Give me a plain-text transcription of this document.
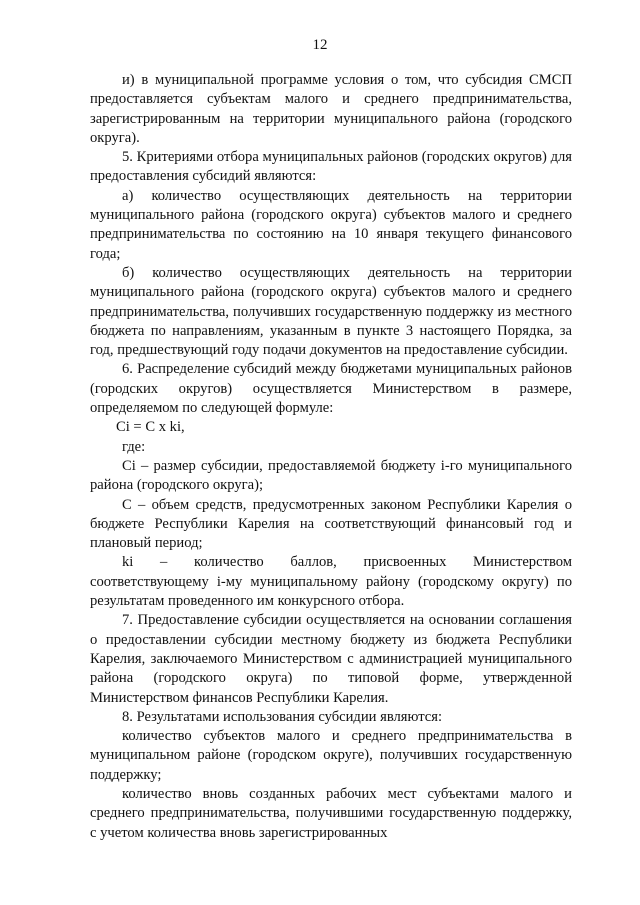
12

и) в муниципальной программе условия о том, что субсидия СМСП предоставляется субъектам малого и среднего предпринимательства, зарегистрированным на территории муниципального района (городского округа).

5. Критериями отбора муниципальных районов (городских округов) для предоставления субсидий являются:

а) количество осуществляющих деятельность на территории муниципального района (городского округа) субъектов малого и среднего предпринимательства по состоянию на 10 января текущего финансового года;

б) количество осуществляющих деятельность на территории муниципального района (городского округа) субъектов малого и среднего предпринимательства, получивших государственную поддержку из местного бюджета по направлениям, указанным в пункте 3 настоящего Порядка, за год, предшествующий году подачи документов на предоставление субсидии.

6. Распределение субсидий между бюджетами муниципальных районов (городских округов) осуществляется Министерством в размере, определяемом по следующей формуле:

Ci = C x ki,

где:

Ci – размер субсидии, предоставляемой бюджету i-го муниципального района (городского округа);

C – объем средств, предусмотренных законом Республики Карелия о бюджете Республики Карелия на соответствующий финансовый год и плановый период;

ki – количество баллов, присвоенных Министерством соответствующему i-му муниципальному району (городскому округу) по результатам проведенного им конкурсного отбора.

7. Предоставление субсидии осуществляется на основании соглашения о предоставлении субсидии местному бюджету из бюджета Республики Карелия, заключаемого Министерством с администрацией муниципального района (городского округа) по типовой форме, утвержденной Министерством финансов Республики Карелия.

8. Результатами использования субсидии являются:

количество субъектов малого и среднего предпринимательства в муниципальном районе (городском округе), получивших государственную поддержку;

количество вновь созданных рабочих мест субъектами малого и среднего предпринимательства, получившими государственную поддержку, с учетом количества вновь зарегистрированных
